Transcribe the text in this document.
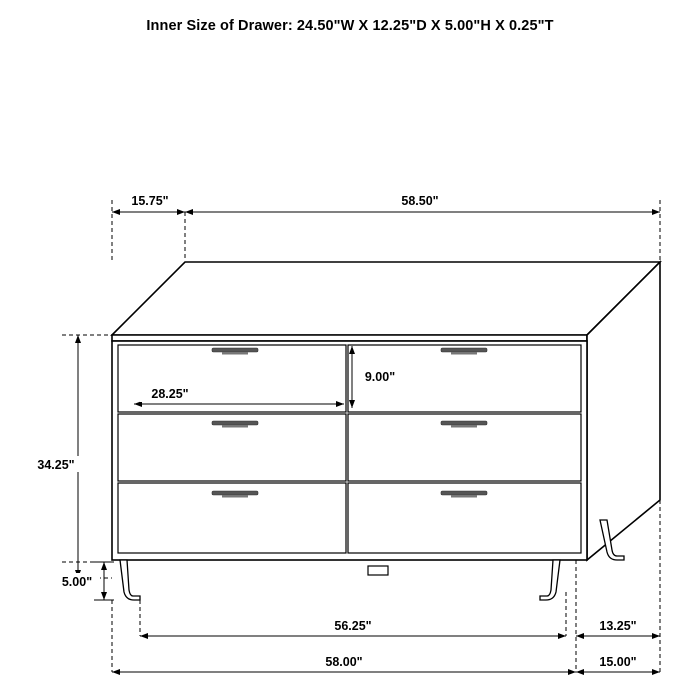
Inner Size of Drawer: 24.50"W X 12.25"D X 5.00"H X 0.25"T
15.75"	58.50"
28.25"
9.00"
34.25"
5.00"
56.25"	13.25"
58.00"	15.00"
